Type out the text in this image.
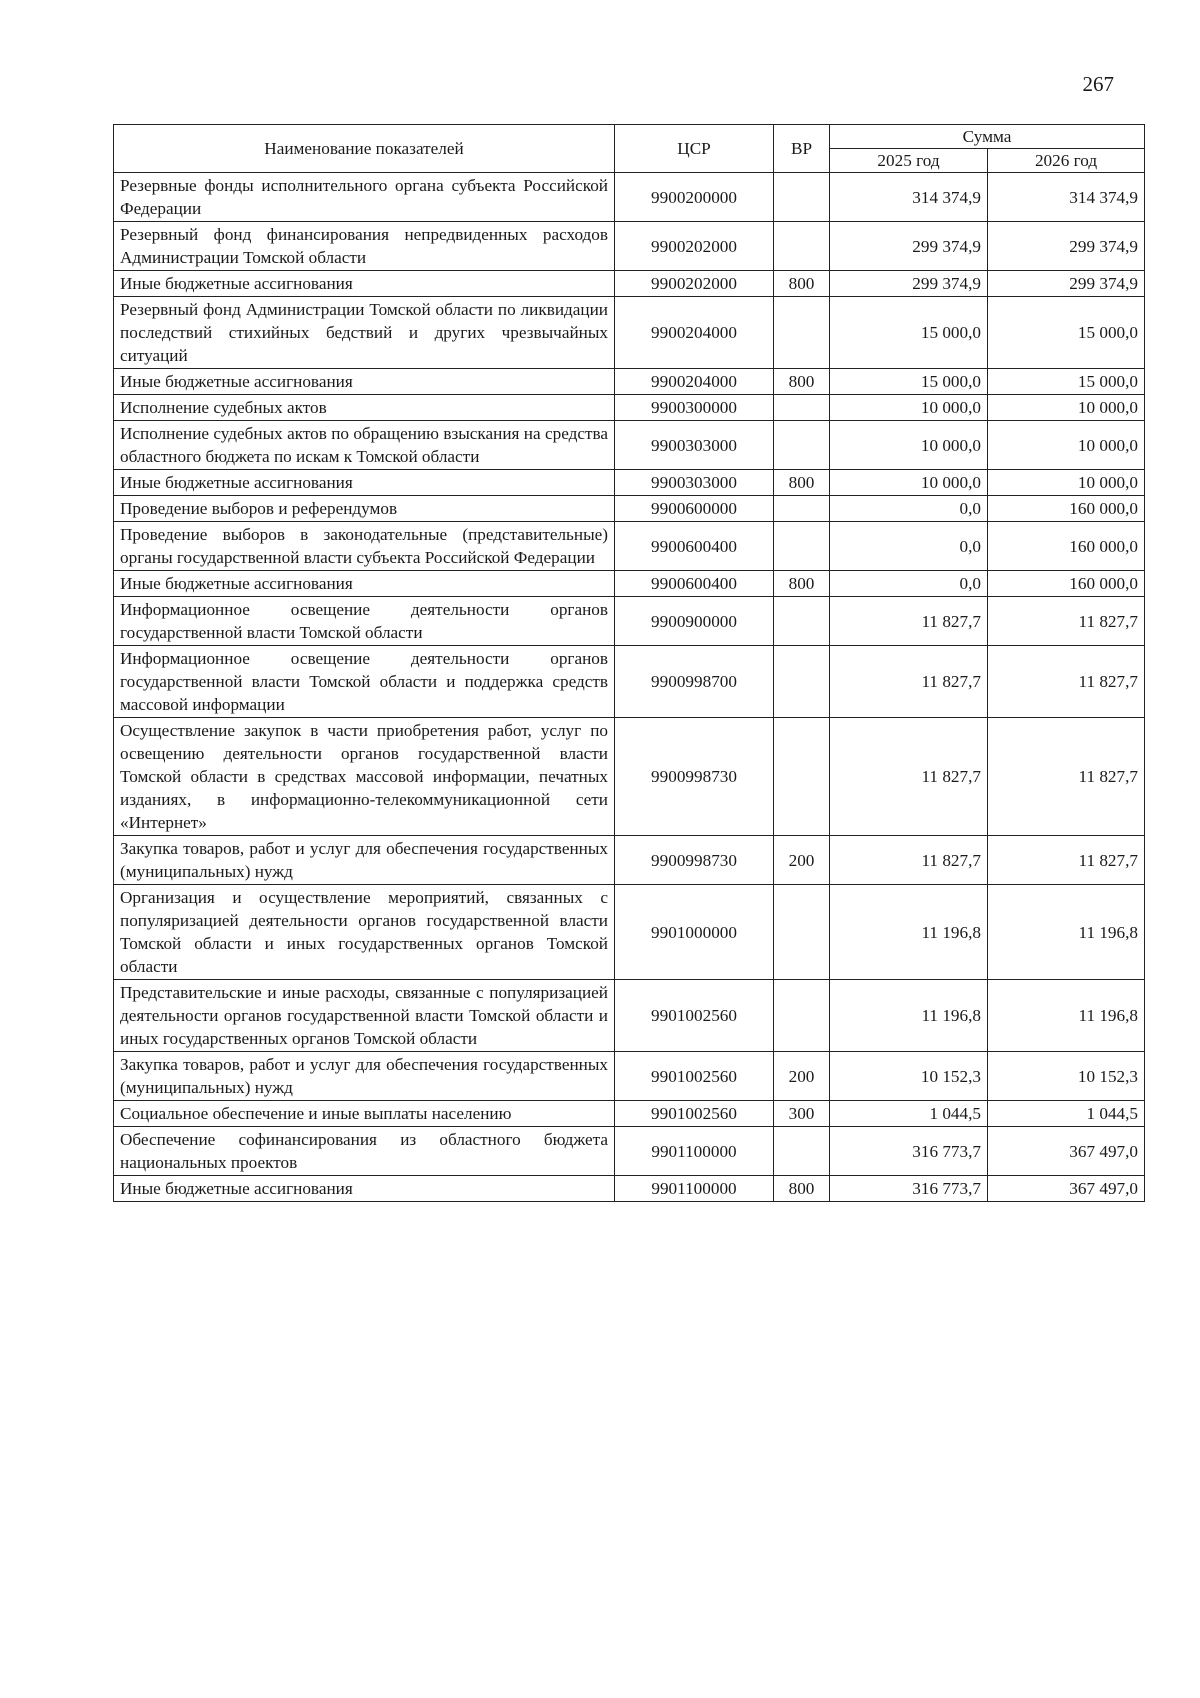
267
Наименование показателей	ЦСР	ВР	Сумма	
			2025 год	2026 год
Резервные фонды исполнительного органа субъекта Российской Федерации	9900200000		314 374,9	314 374,9
Резервный фонд финансирования непредвиденных расходов Администрации Томской области	9900202000		299 374,9	299 374,9
Иные бюджетные ассигнования	9900202000	800	299 374,9	299 374,9
Резервный фонд Администрации Томской области по ликвидации последствий стихийных бедствий и других чрезвычайных ситуаций	9900204000		15 000,0	15 000,0
Иные бюджетные ассигнования	9900204000	800	15 000,0	15 000,0
Исполнение судебных актов	9900300000		10 000,0	10 000,0
Исполнение судебных актов по обращению взыскания на средства областного бюджета по искам к Томской области	9900303000		10 000,0	10 000,0
Иные бюджетные ассигнования	9900303000	800	10 000,0	10 000,0
Проведение выборов и референдумов	9900600000		0,0	160 000,0
Проведение выборов в законодательные (представительные) органы государственной власти субъекта Российской Федерации	9900600400		0,0	160 000,0
Иные бюджетные ассигнования	9900600400	800	0,0	160 000,0
Информационное освещение деятельности органов государственной власти Томской области	9900900000		11 827,7	11 827,7
Информационное освещение деятельности органов государственной власти Томской области и поддержка средств массовой информации	9900998700		11 827,7	11 827,7
Осуществление закупок в части приобретения работ, услуг по освещению деятельности органов государственной власти Томской области в средствах массовой информации, печатных изданиях, в информационно-телекоммуникационной сети «Интернет»	9900998730		11 827,7	11 827,7
Закупка товаров, работ и услуг для обеспечения государственных (муниципальных) нужд	9900998730	200	11 827,7	11 827,7
Организация и осуществление мероприятий, связанных с популяризацией деятельности органов государственной власти Томской области и иных государственных органов Томской области	9901000000		11 196,8	11 196,8
Представительские и иные расходы, связанные с популяризацией деятельности органов государственной власти Томской области и иных государственных органов Томской области	9901002560		11 196,8	11 196,8
Закупка товаров, работ и услуг для обеспечения государственных (муниципальных) нужд	9901002560	200	10 152,3	10 152,3
Социальное обеспечение и иные выплаты населению	9901002560	300	1 044,5	1 044,5
Обеспечение софинансирования из областного бюджета национальных проектов	9901100000		316 773,7	367 497,0
Иные бюджетные ассигнования	9901100000	800	316 773,7	367 497,0
